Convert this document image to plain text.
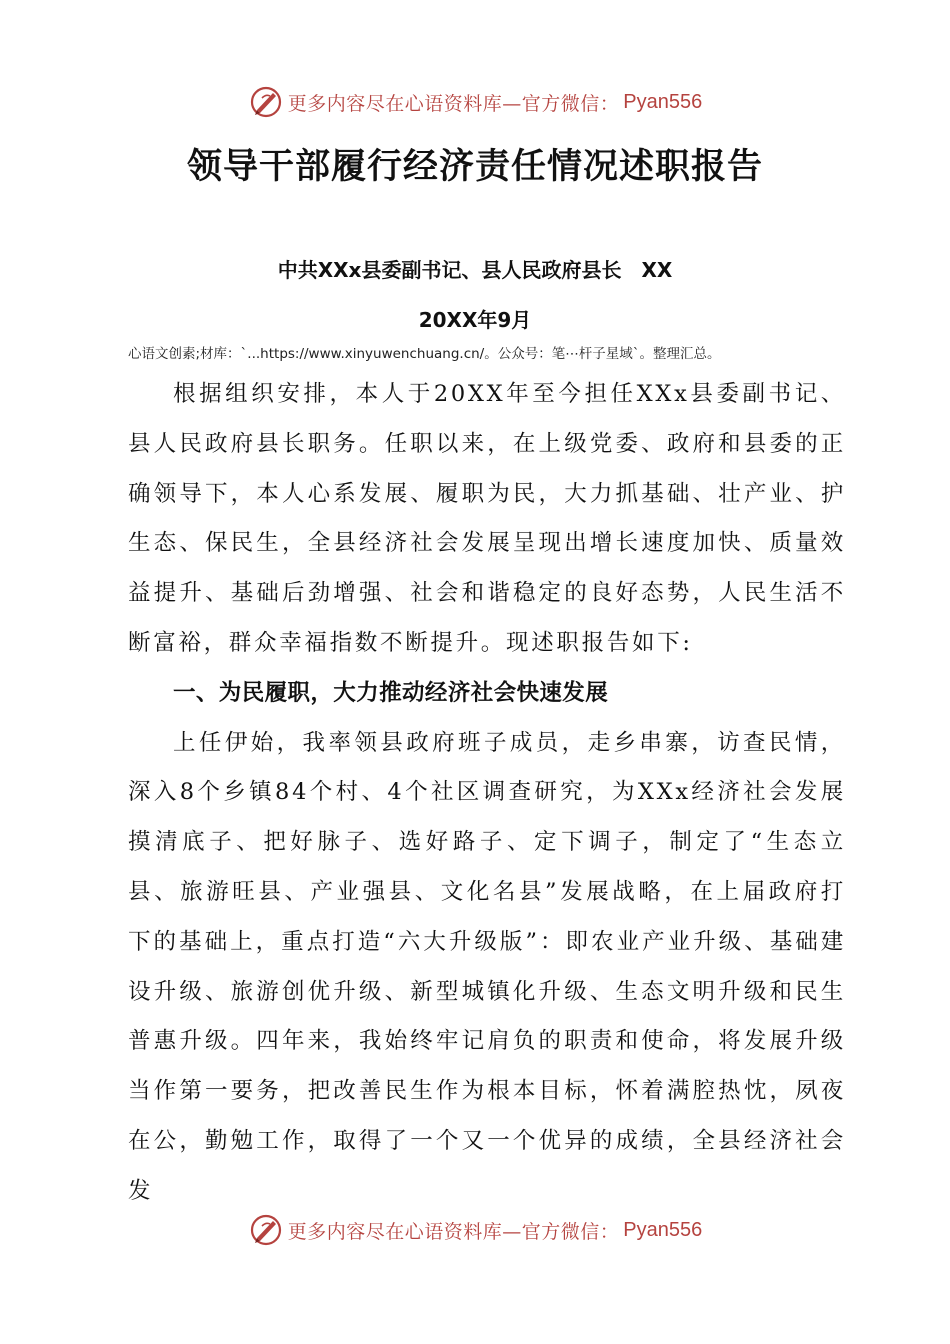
更多内容尽在心语资料库—官方微信： Pyan556
领导干部履行经济责任情况述职报告
中共XXx县委副书记、县人民政府县长　XX
20XX年9月
心语文创素;材库：`...https://www.xinyuwenchuang.cn/。公众号：笔⋯杆子星域`。整理汇总。

根据组织安排，本人于20XX年至今担任XXx县委副书记、县人民政府县长职务。任职以来，在上级党委、政府和县委的正确领导下，本人心系发展、履职为民，大力抓基础、壮产业、护生态、保民生，全县经济社会发展呈现出增长速度加快、质量效益提升、基础后劲增强、社会和谐稳定的良好态势，人民生活不断富裕，群众幸福指数不断提升。现述职报告如下:

一、为民履职，大力推动经济社会快速发展

上任伊始，我率领县政府班子成员，走乡串寨，访查民情，深入8个乡镇84个村、4个社区调查研究，为XXx经济社会发展摸清底子、把好脉子、选好路子、定下调子，制定了“生态立县、旅游旺县、产业强县、文化名县”发展战略，在上届政府打下的基础上，重点打造“六大升级版”：即农业产业升级、基础建设升级、旅游创优升级、新型城镇化升级、生态文明升级和民生普惠升级。四年来，我始终牢记肩负的职责和使命，将发展升级当作第一要务，把改善民生作为根本目标，怀着满腔热忱，夙夜在公，勤勉工作，取得了一个又一个优异的成绩，全县经济社会发

更多内容尽在心语资料库—官方微信： Pyan556
